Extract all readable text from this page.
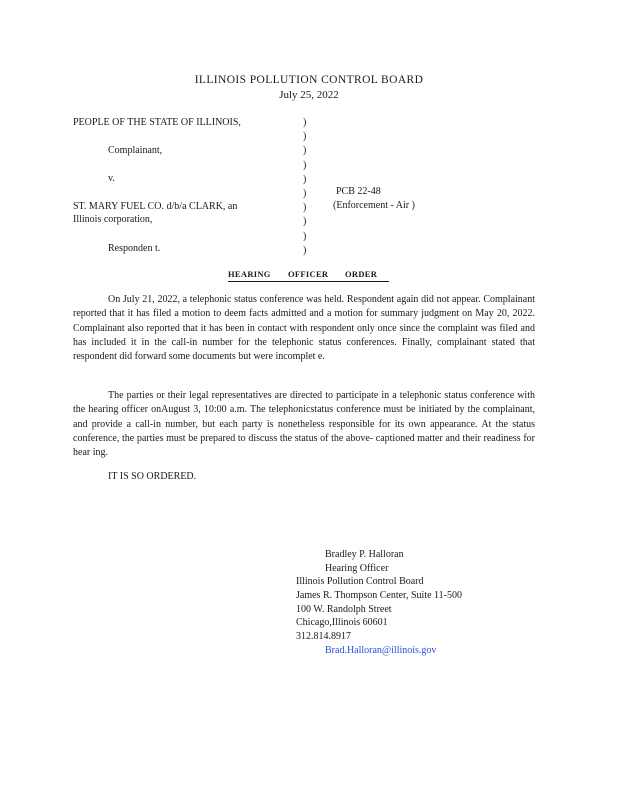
ILLINOIS POLLUTION CONTROL BOARD
July 25, 2022
PEOPLE OF THE STATE OF ILLINOIS,
Complainant,
v.
ST. MARY FUEL CO. d/b/a CLARK, an
Illinois corporation,
Responden t.
)
)
)
)
)
)
)
)
)
)
PCB 22-48
(Enforcement - Air )
HEARING OFFICER ORDER
On July 21, 2022, a telephonic status conference was held. Respondent again did not appear. Complainant reported that it has filed a motion to deem facts admitted and a motion for summary judgment on May 20, 2022. Complainant also reported that it has been in contact with respondent only once since the complaint was filed and has included it in the call-in number for the telephonic status conferences. Finally, complainant stated that respondent did forward some documents but were incomplet e.
The parties or their legal representatives are directed to participate in a telephonic status conference with the hearing officer onAugust 3, 10:00 a.m. The telephonicstatus conference must be initiated by the complainant, and provide a call-in number, but each party is nonetheless responsible for its own appearance. At the status conference, the parties must be prepared to discuss the status of the above- captioned matter and their readiness for hear ing.
IT IS SO ORDERED.
Bradley P. Halloran
Hearing Officer
Illinois Pollution Control Board
James R. Thompson Center, Suite 11-500
100 W. Randolph Street
Chicago,Illinois 60601
312.814.8917
Brad.Halloran@illinois.gov
